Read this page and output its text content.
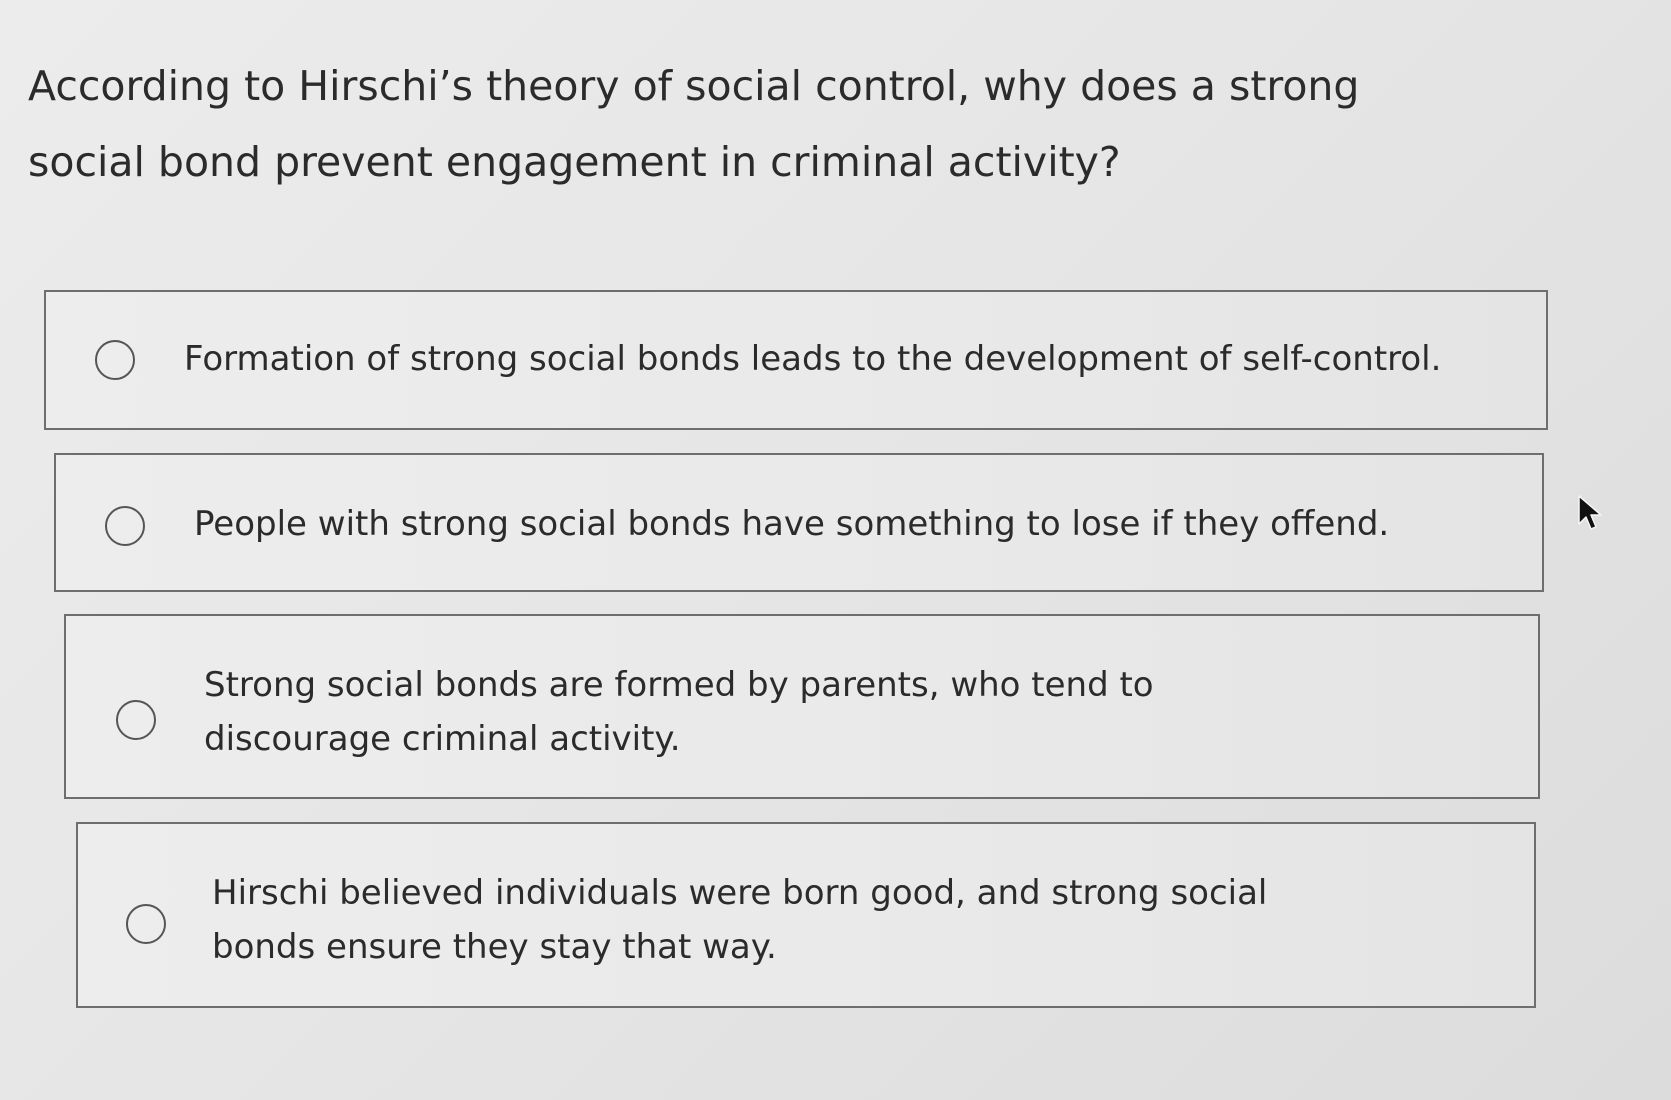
According to Hirschi’s theory of social control, why does a strong social bond prevent engagement in criminal activity?
Formation of strong social bonds leads to the development of self-control.
People with strong social bonds have something to lose if they offend.
Strong social bonds are formed by parents, who tend to discourage criminal activity.
Hirschi believed individuals were born good, and strong social bonds ensure they stay that way.
